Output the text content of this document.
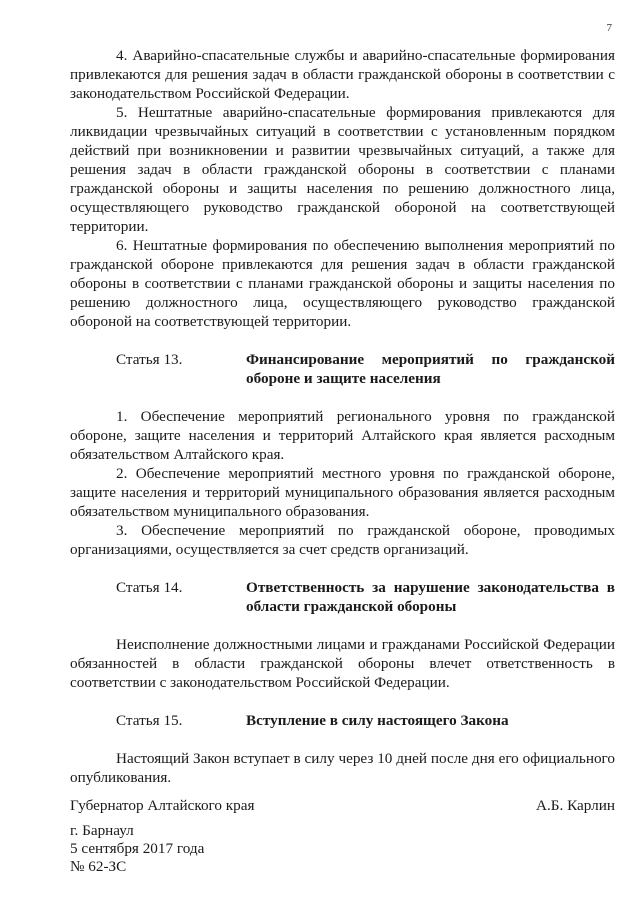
7

4. Аварийно-спасательные службы и аварийно-спасательные формирования привлекаются для решения задач в области гражданской обороны в соответствии с законодательством Российской Федерации.

5. Нештатные аварийно-спасательные формирования привлекаются для ликвидации чрезвычайных ситуаций в соответствии с установленным порядком действий при возникновении и развитии чрезвычайных ситуаций, а также для решения задач в области гражданской обороны в соответствии с планами гражданской обороны и защиты населения по решению должностного лица, осуществляющего руководство гражданской обороной на соответствующей территории.

6. Нештатные формирования по обеспечению выполнения мероприятий по гражданской обороне привлекаются для решения задач в области гражданской обороны в соответствии с планами гражданской обороны и защиты населения по решению должностного лица, осуществляющего руководство гражданской обороной на соответствующей территории.

Статья 13.	Финансирование мероприятий по гражданской обороне и защите населения

1. Обеспечение мероприятий регионального уровня по гражданской обороне, защите населения и территорий Алтайского края является расходным обязательством Алтайского края.

2. Обеспечение мероприятий местного уровня по гражданской обороне, защите населения и территорий муниципального образования является расходным обязательством муниципального образования.

3. Обеспечение мероприятий по гражданской обороне, проводимых организациями, осуществляется за счет средств организаций.

Статья 14.	Ответственность за нарушение законодательства в области гражданской обороны

Неисполнение должностными лицами и гражданами Российской Федерации обязанностей в области гражданской обороны влечет ответственность в соответствии с законодательством Российской Федерации.

Статья 15.	Вступление в силу настоящего Закона

Настоящий Закон вступает в силу через 10 дней после дня его официального опубликования.

Губернатор Алтайского края	А.Б. Карлин
г. Барнаул
5 сентября 2017 года
№ 62-ЗС
